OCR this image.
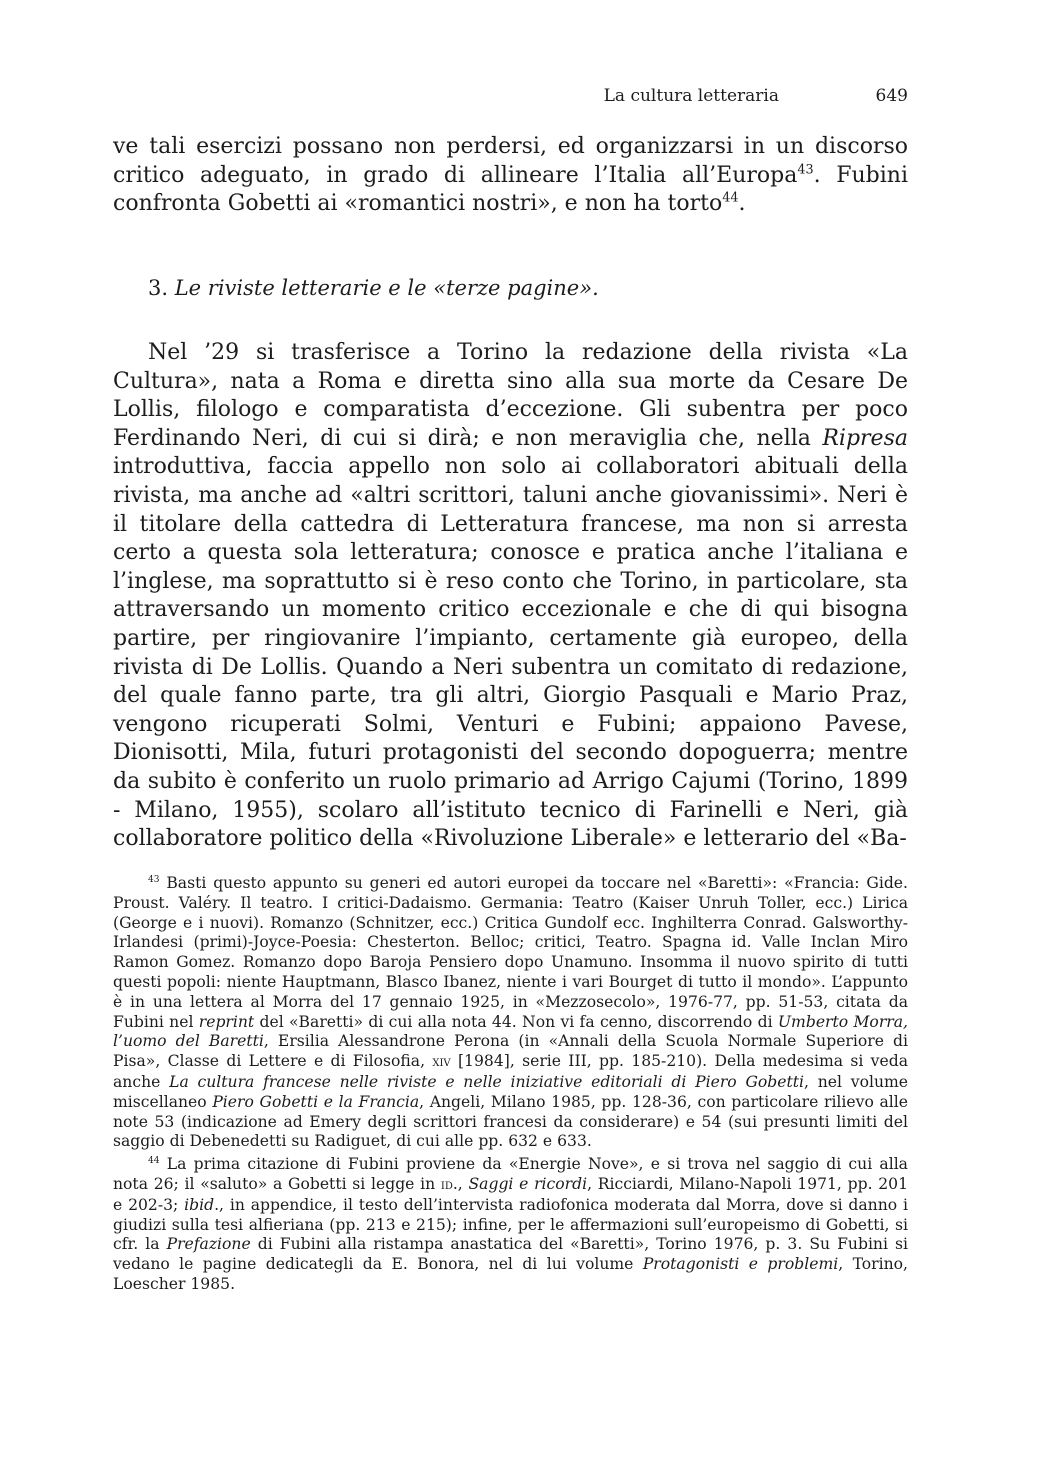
La cultura letteraria	649

ve tali esercizi possano non perdersi, ed organizzarsi in un discorso critico adeguato, in grado di allineare l’Italia all’Europa$^{43}$. Fubini confronta Gobetti ai «romantici nostri», e non ha torto$^{44}$.

3. Le riviste letterarie e le «terze pagine».

Nel ’29 si trasferisce a Torino la redazione della rivista «La Cultura», nata a Roma e diretta sino alla sua morte da Cesare De Lollis, filologo e comparatista d’eccezione. Gli subentra per poco Ferdinando Neri, di cui si dirà; e non meraviglia che, nella Ripresa introduttiva, faccia appello non solo ai collaboratori abituali della rivista, ma anche ad «altri scrittori, taluni anche giovanissimi». Neri è il titolare della cattedra di Letteratura francese, ma non si arresta certo a questa sola letteratura; conosce e pratica anche l’italiana e l’inglese, ma soprattutto si è reso conto che Torino, in particolare, sta attraversando un momento critico eccezionale e che di qui bisogna partire, per ringiovanire l’impianto, certamente già europeo, della rivista di De Lollis. Quando a Neri subentra un comitato di redazione, del quale fanno parte, tra gli altri, Giorgio Pasquali e Mario Praz, vengono ricuperati Solmi, Venturi e Fubini; appaiono Pavese, Dionisotti, Mila, futuri protagonisti del secondo dopoguerra; mentre da subito è conferito un ruolo primario ad Arrigo Cajumi (Torino, 1899 - Milano, 1955), scolaro all’istituto tecnico di Farinelli e Neri, già collaboratore politico della «Rivoluzione Liberale» e letterario del «Ba-

$^{43}$ Basti questo appunto su generi ed autori europei da toccare nel «Baretti»: «Francia: Gide. Proust. Valéry. Il teatro. I critici-Dadaismo. Germania: Teatro (Kaiser Unruh Toller, ecc.) Lirica (George e i nuovi). Romanzo (Schnitzer, ecc.) Critica Gundolf ecc. Inghilterra Conrad. Galsworthy-Irlandesi (primi)-Joyce-Poesia: Chesterton. Belloc; critici, Teatro. Spagna id. Valle Inclan Miro Ramon Gomez. Romanzo dopo Baroja Pensiero dopo Unamuno. Insomma il nuovo spirito di tutti questi popoli: niente Hauptmann, Blasco Ibanez, niente i vari Bourget di tutto il mondo». L’appunto è in una lettera al Morra del 17 gennaio 1925, in «Mezzosecolo», 1976-77, pp. 51-53, citata da Fubini nel reprint del «Baretti» di cui alla nota 44. Non vi fa cenno, discorrendo di Umberto Morra, l’uomo del Baretti, Ersilia Alessandrone Perona (in «Annali della Scuola Normale Superiore di Pisa», Classe di Lettere e di Filosofia, xiv [1984], serie III, pp. 185-210). Della medesima si veda anche La cultura francese nelle riviste e nelle iniziative editoriali di Piero Gobetti, nel volume miscellaneo Piero Gobetti e la Francia, Angeli, Milano 1985, pp. 128-36, con particolare rilievo alle note 53 (indicazione ad Emery degli scrittori francesi da considerare) e 54 (sui presunti limiti del saggio di Debenedetti su Radiguet, di cui alle pp. 632 e 633.

$^{44}$ La prima citazione di Fubini proviene da «Energie Nove», e si trova nel saggio di cui alla nota 26; il «saluto» a Gobetti si legge in id., Saggi e ricordi, Ricciardi, Milano-Napoli 1971, pp. 201 e 202-3; ibid., in appendice, il testo dell’intervista radiofonica moderata dal Morra, dove si danno i giudizi sulla tesi alfieriana (pp. 213 e 215); infine, per le affermazioni sull’europeismo di Gobetti, si cfr. la Prefazione di Fubini alla ristampa anastatica del «Baretti», Torino 1976, p. 3. Su Fubini si vedano le pagine dedicategli da E. Bonora, nel di lui volume Protagonisti e problemi, Torino, Loescher 1985.
